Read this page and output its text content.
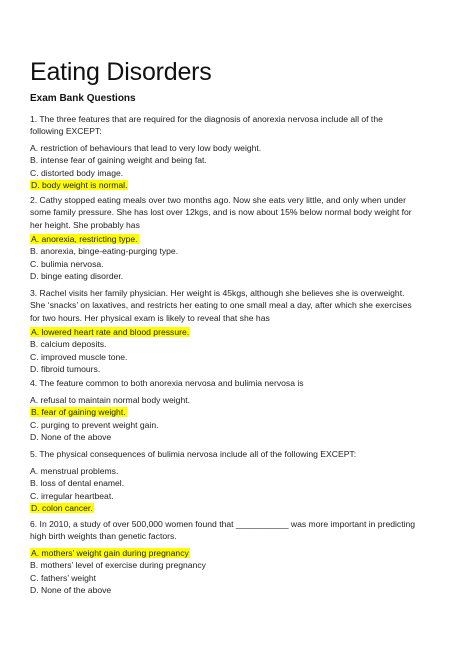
Eating Disorders
Exam Bank Questions
1. The three features that are required for the diagnosis of anorexia nervosa include all of the
following EXCEPT:
A. restriction of behaviours that lead to very low body weight.
B. intense fear of gaining weight and being fat.
C. distorted body image.
D. body weight is normal.
2. Cathy stopped eating meals over two months ago. Now she eats very little, and only when under
some family pressure. She has lost over 12kgs, and is now about 15% below normal body weight for
her height. She probably has
A. anorexia, restricting type.
B. anorexia, binge-eating-purging type.
C. bulimia nervosa.
D. binge eating disorder.
3. Rachel visits her family physician. Her weight is 45kgs, although she believes she is overweight.
She ‘snacks’ on laxatives, and restricts her eating to one small meal a day, after which she exercises
for two hours. Her physical exam is likely to reveal that she has
A. lowered heart rate and blood pressure.
B. calcium deposits.
C. improved muscle tone.
D. fibroid tumours.
4. The feature common to both anorexia nervosa and bulimia nervosa is
A. refusal to maintain normal body weight.
B. fear of gaining weight.
C. purging to prevent weight gain.
D. None of the above
5. The physical consequences of bulimia nervosa include all of the following EXCEPT:
A. menstrual problems.
B. loss of dental enamel.
C. irregular heartbeat.
D. colon cancer.
6. In 2010, a study of over 500,000 women found that ___________ was more important in predicting
high birth weights than genetic factors.
A. mothers’ weight gain during pregnancy
B. mothers’ level of exercise during pregnancy
C. fathers’ weight
D. None of the above
